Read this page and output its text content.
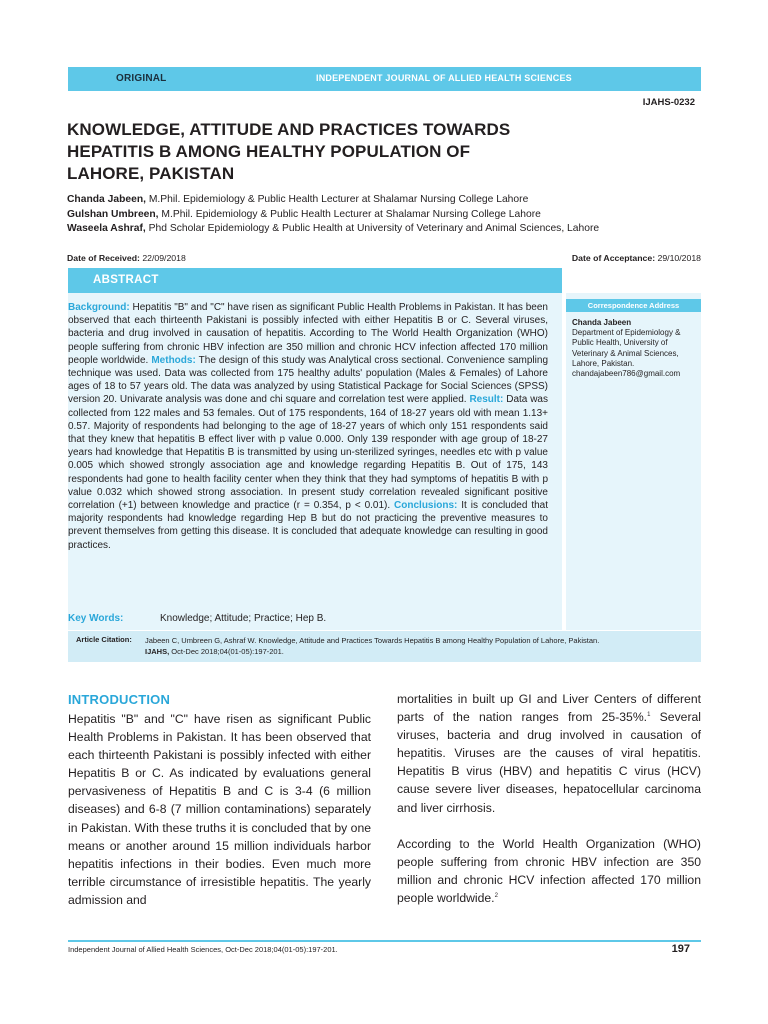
ORIGINAL	INDEPENDENT JOURNAL OF ALLIED HEALTH SCIENCES
IJAHS-0232
KNOWLEDGE, ATTITUDE AND PRACTICES TOWARDS HEPATITIS B AMONG HEALTHY POPULATION OF LAHORE, PAKISTAN
Chanda Jabeen, M.Phil. Epidemiology & Public Health Lecturer at Shalamar Nursing College Lahore
Gulshan Umbreen, M.Phil. Epidemiology & Public Health Lecturer at Shalamar Nursing College Lahore
Waseela Ashraf, Phd Scholar Epidemiology & Public Health at University of Veterinary and Animal Sciences, Lahore
Date of Received: 22/09/2018	Date of Acceptance: 29/10/2018
ABSTRACT
Background: Hepatitis "B" and "C" have risen as significant Public Health Problems in Pakistan. It has been observed that each thirteenth Pakistani is possibly infected with either Hepatitis B or C. Several viruses, bacteria and drug involved in causation of hepatitis. According to The World Health Organization (WHO) people suffering from chronic HBV infection are 350 million and chronic HCV infection affected 170 million people worldwide. Methods: The design of this study was Analytical cross sectional. Convenience sampling technique was used. Data was collected from 175 healthy adults' population (Males & Females) of Lahore ages of 18 to 57 years old. The data was analyzed by using Statistical Package for Social Sciences (SPSS) version 20. Univarate analysis was done and chi square and correlation test were applied. Result: Data was collected from 122 males and 53 females. Out of 175 respondents, 164 of 18-27 years old with mean 1.13+ 0.57. Majority of respondents had belonging to the age of 18-27 years of which only 151 respondents said that they knew that hepatitis B effect liver with p value 0.000. Only 139 responder with age group of 18-27 years had knowledge that Hepatitis B is transmitted by using un-sterilized syringes, needles etc with p value 0.005 which showed strongly association age and knowledge regarding Hepatitis B. Out of 175, 143 respondents had gone to health facility center when they think that they had symptoms of hepatitis B with p value 0.032 which showed strong association. In present study correlation revealed significant positive correlation (+1) between knowledge and practice (r = 0.354, p < 0.01). Conclusions: It is concluded that majority respondents had knowledge regarding Hep B but do not practicing the preventive measures to prevent themselves from getting this disease. It is concluded that adequate knowledge can resulting in good practices.
Key Words:	Knowledge; Attitude; Practice; Hep B.
Correspondence Address
Chanda Jabeen
Department of Epidemiology &
Public Health, University of
Veterinary & Animal Sciences,
Lahore, Pakistan.
chandajabeen786@gmail.com
Article Citation: Jabeen C, Umbreen G, Ashraf W. Knowledge, Attitude and Practices Towards Hepatitis B among Healthy Population of Lahore, Pakistan.
IJAHS, Oct-Dec 2018;04(01-05):197-201.
INTRODUCTION
Hepatitis "B" and "C" have risen as significant Public Health Problems in Pakistan. It has been observed that each thirteenth Pakistani is possibly infected with either Hepatitis B or C. As indicated by evaluations general pervasiveness of Hepatitis B and C is 3-4 (6 million diseases) and 6-8 (7 million contaminations) separately in Pakistan. With these truths it is concluded that by one means or another around 15 million individuals harbor hepatitis infections in their bodies. Even much more terrible circumstance of irresistible hepatitis. The yearly admission and

mortalities in built up GI and Liver Centers of different parts of the nation ranges from 25-35%.$^1$ Several viruses, bacteria and drug involved in causation of hepatitis. Viruses are the causes of viral hepatitis. Hepatitis B virus (HBV) and hepatitis C virus (HCV) cause severe liver diseases, hepatocellular carcinoma and liver cirrhosis.

According to the World Health Organization (WHO) people suffering from chronic HBV infection are 350 million and chronic HCV infection affected 170 million people worldwide.$^2$

Independent Journal of Allied Health Sciences, Oct-Dec 2018;04(01-05):197-201.	197
